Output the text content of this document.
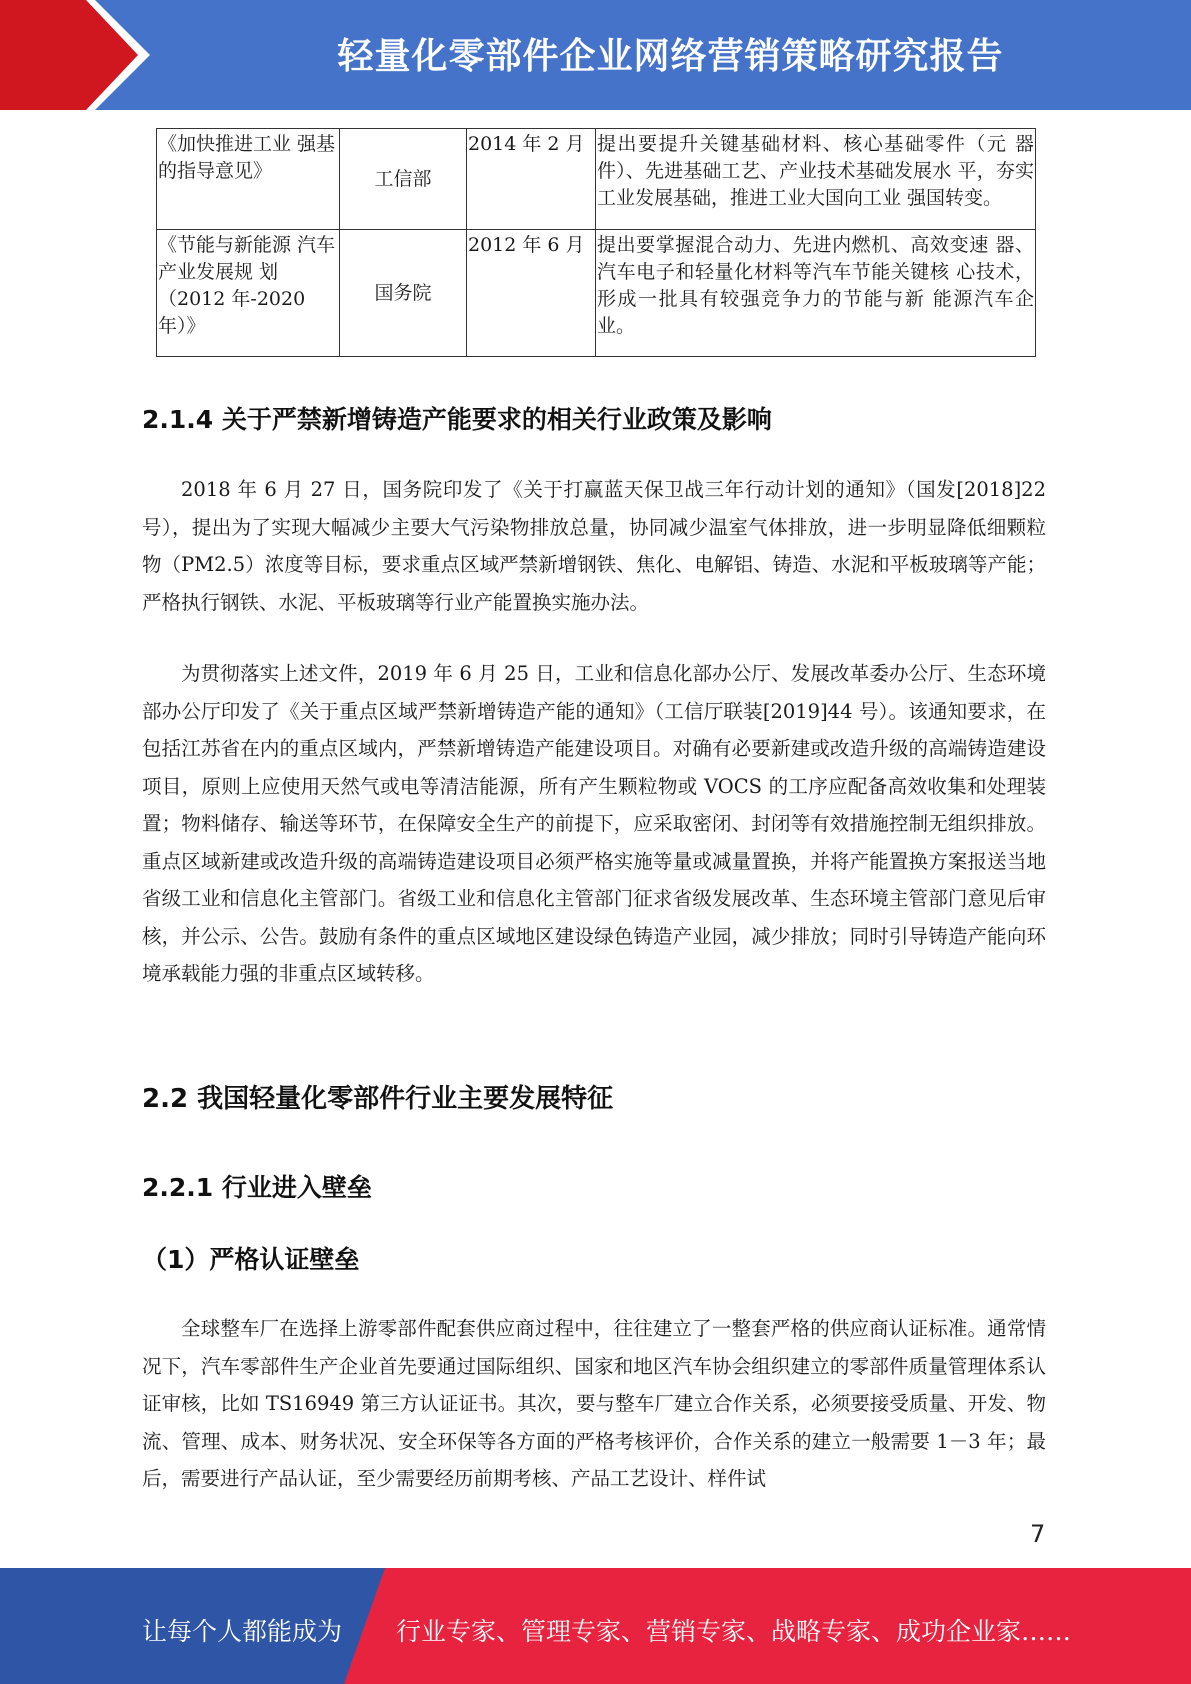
轻量化零部件企业网络营销策略研究报告
《加快推进工业 强基的指导意见》	工信部	2014 年 2 月	提出要提升关键基础材料、核心基础零件（元 器件）、先进基础工艺、产业技术基础发展水 平，夯实工业发展基础，推进工业大国向工业 强国转变。
《节能与新能源 汽车产业发展规 划（2012 年-2020 年）》	国务院	2012 年 6 月	提出要掌握混合动力、先进内燃机、高效变速 器、汽车电子和轻量化材料等汽车节能关键核 心技术，形成一批具有较强竞争力的节能与新 能源汽车企业。
2.1.4 关于严禁新增铸造产能要求的相关行业政策及影响

2018 年 6 月 27 日，国务院印发了《关于打赢蓝天保卫战三年行动计划的通知》（国发[2018]22 号），提出为了实现大幅减少主要大气污染物排放总量，协同减少温室气体排放，进一步明显降低细颗粒物（PM2.5）浓度等目标，要求重点区域严禁新增钢铁、焦化、电解铝、铸造、水泥和平板玻璃等产能；严格执行钢铁、水泥、平板玻璃等行业产能置换实施办法。

为贯彻落实上述文件，2019 年 6 月 25 日，工业和信息化部办公厅、发展改革委办公厅、生态环境部办公厅印发了《关于重点区域严禁新增铸造产能的通知》（工信厅联装[2019]44 号）。该通知要求，在包括江苏省在内的重点区域内，严禁新增铸造产能建设项目。对确有必要新建或改造升级的高端铸造建设项目，原则上应使用天然气或电等清洁能源，所有产生颗粒物或 VOCS 的工序应配备高效收集和处理装置；物料储存、输送等环节，在保障安全生产的前提下，应采取密闭、封闭等有效措施控制无组织排放。重点区域新建或改造升级的高端铸造建设项目必须严格实施等量或减量置换，并将产能置换方案报送当地省级工业和信息化主管部门。省级工业和信息化主管部门征求省级发展改革、生态环境主管部门意见后审核，并公示、公告。鼓励有条件的重点区域地区建设绿色铸造产业园，减少排放；同时引导铸造产能向环境承载能力强的非重点区域转移。

2.2 我国轻量化零部件行业主要发展特征
2.2.1 行业进入壁垒
（1）严格认证壁垒

全球整车厂在选择上游零部件配套供应商过程中，往往建立了一整套严格的供应商认证标准。通常情况下，汽车零部件生产企业首先要通过国际组织、国家和地区汽车协会组织建立的零部件质量管理体系认证审核，比如 TS16949 第三方认证证书。其次，要与整车厂建立合作关系，必须要接受质量、开发、物流、管理、成本、财务状况、安全环保等各方面的严格考核评价，合作关系的建立一般需要 1－3 年；最后，需要进行产品认证，至少需要经历前期考核、产品工艺设计、样件试

7
让每个人都能成为 行业专家、管理专家、营销专家、战略专家、成功企业家……
